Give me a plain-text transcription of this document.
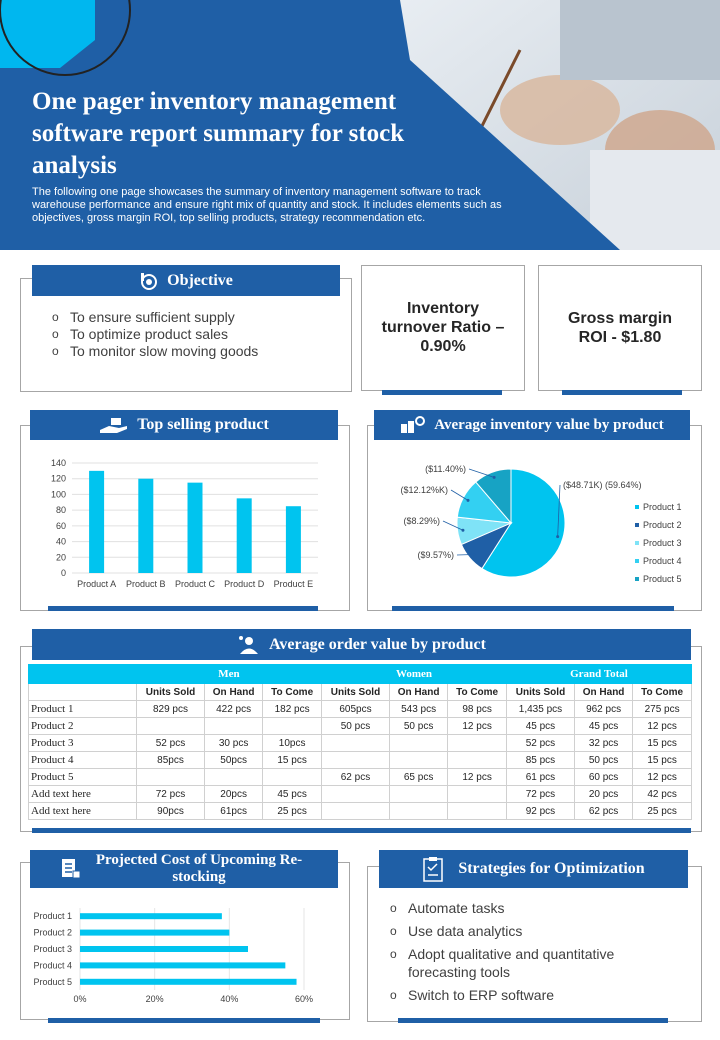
One pager inventory management software report summary for stock analysis
The following one page showcases the summary of inventory management software to track warehouse performance and ensure right mix of quantity and stock. It includes elements such as objectives, gross margin ROI, top selling products, strategy recommendation etc.
Objective
o To ensure sufficient supply
o To optimize product sales
o To monitor slow moving goods
Inventory turnover Ratio – 0.90%
Gross margin ROI - $1.80
Top selling product
0
20
40
60
80
100
120
140
Product A Product B Product C Product D Product E
Average inventory value by product
($48.71K) (59.64%)
($9.57%)
($8.29%)
($12.12%K)
($11.40%)
Product 1
Product 2
Product 3
Product 4
Product 5
Average order value by product
	Men			Women			Grand Total		
	Units Sold	On Hand	To Come	Units Sold	On Hand	To Come	Units Sold	On Hand	To Come
Product 1	829 pcs	422 pcs	182 pcs	605pcs	543 pcs	98 pcs	1,435 pcs	962 pcs	275 pcs
Product 2				50 pcs	50 pcs	12 pcs	45 pcs	45 pcs	12 pcs
Product 3	52 pcs	30 pcs	10pcs				52 pcs	32 pcs	15 pcs
Product 4	85pcs	50pcs	15 pcs				85 pcs	50 pcs	15 pcs
Product 5				62 pcs	65 pcs	12 pcs	61 pcs	60 pcs	12 pcs
Add text here	72 pcs	20pcs	45 pcs				72 pcs	20 pcs	42 pcs
Add text here	90pcs	61pcs	25 pcs				92 pcs	62 pcs	25 pcs
Projected Cost of Upcoming Re-stocking
0%	20%	40%	60%
Product 1
Product 2
Product 3
Product 4
Product 5
Strategies for Optimization
o Automate tasks
o Use data analytics
o Adopt qualitative and quantitative forecasting tools
o Switch to ERP software
